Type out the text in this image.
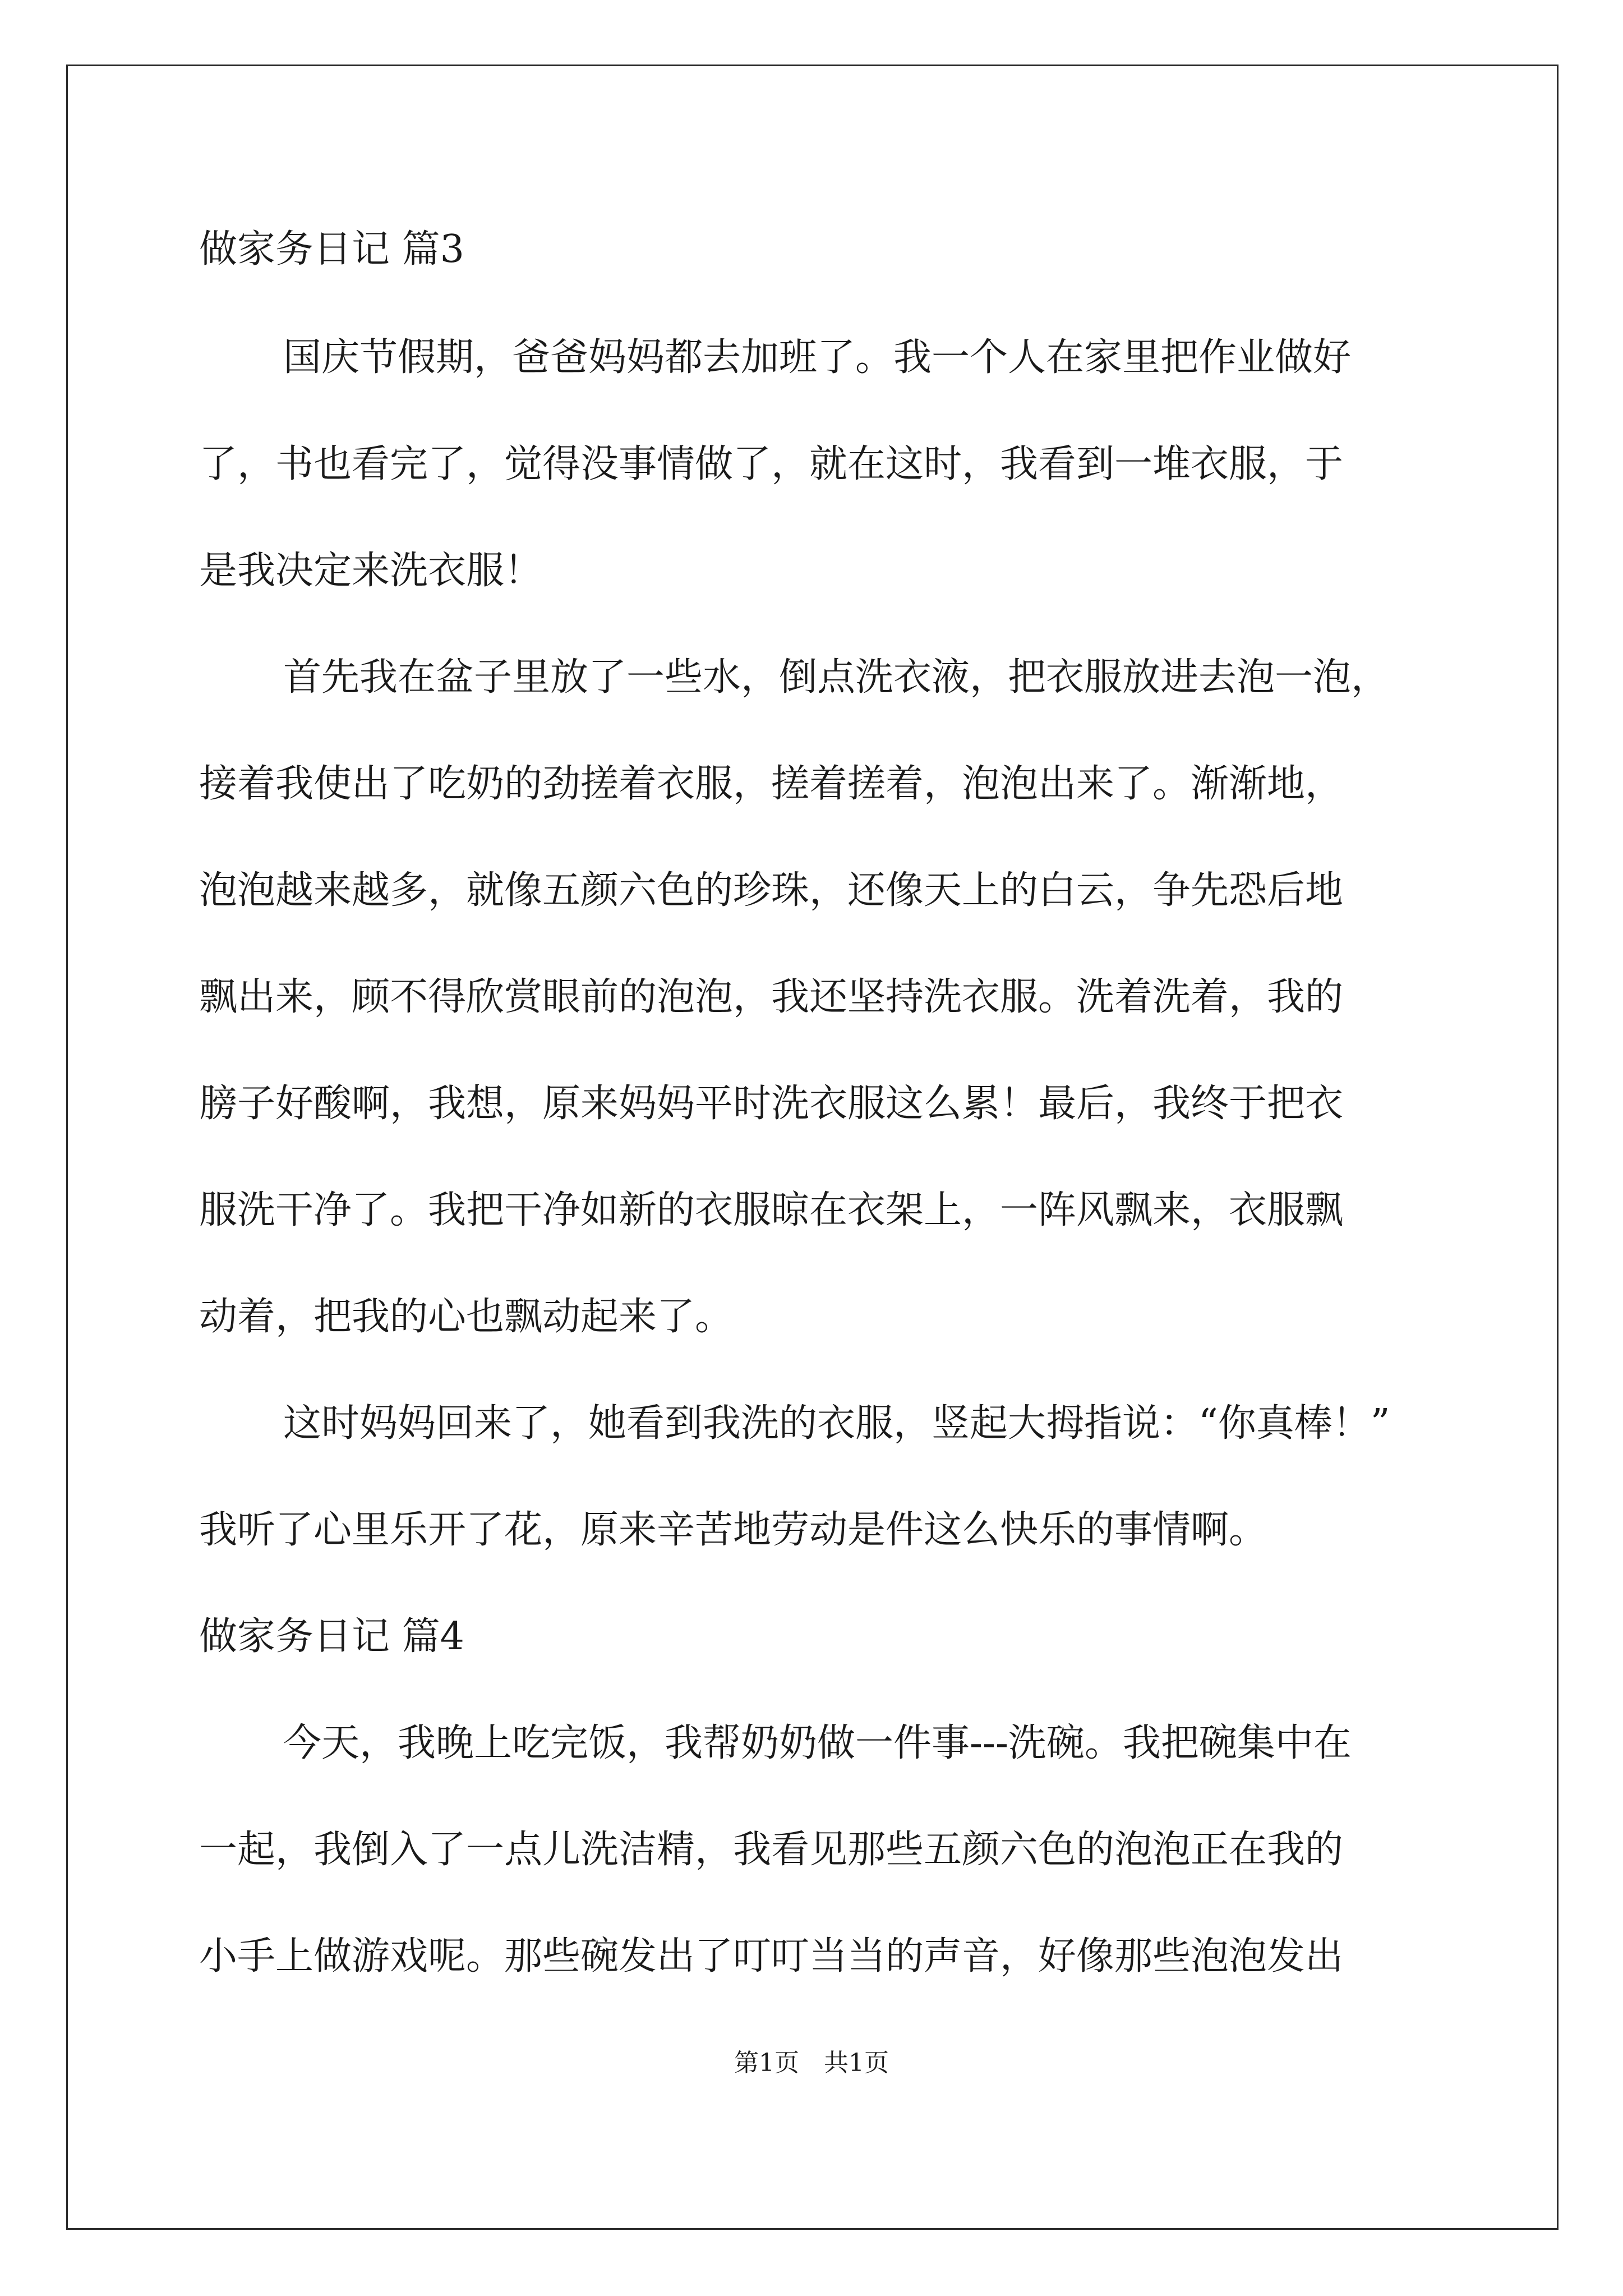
做家务日记 篇3
国庆节假期，爸爸妈妈都去加班了。我一个人在家里把作业做好
了，书也看完了，觉得没事情做了，就在这时，我看到一堆衣服，于
是我决定来洗衣服！
首先我在盆子里放了一些水，倒点洗衣液，把衣服放进去泡一泡，
接着我使出了吃奶的劲搓着衣服，搓着搓着，泡泡出来了。渐渐地，
泡泡越来越多，就像五颜六色的珍珠，还像天上的白云，争先恐后地
飘出来，顾不得欣赏眼前的泡泡，我还坚持洗衣服。洗着洗着，我的
膀子好酸啊，我想，原来妈妈平时洗衣服这么累！最后，我终于把衣
服洗干净了。我把干净如新的衣服晾在衣架上，一阵风飘来，衣服飘
动着，把我的心也飘动起来了。
这时妈妈回来了，她看到我洗的衣服，竖起大拇指说：“你真棒！”
我听了心里乐开了花，原来辛苦地劳动是件这么快乐的事情啊。
做家务日记 篇4
今天，我晚上吃完饭，我帮奶奶做一件事---洗碗。我把碗集中在
一起，我倒入了一点儿洗洁精，我看见那些五颜六色的泡泡正在我的
小手上做游戏呢。那些碗发出了叮叮当当的声音，好像那些泡泡发出
第1页　共1页
